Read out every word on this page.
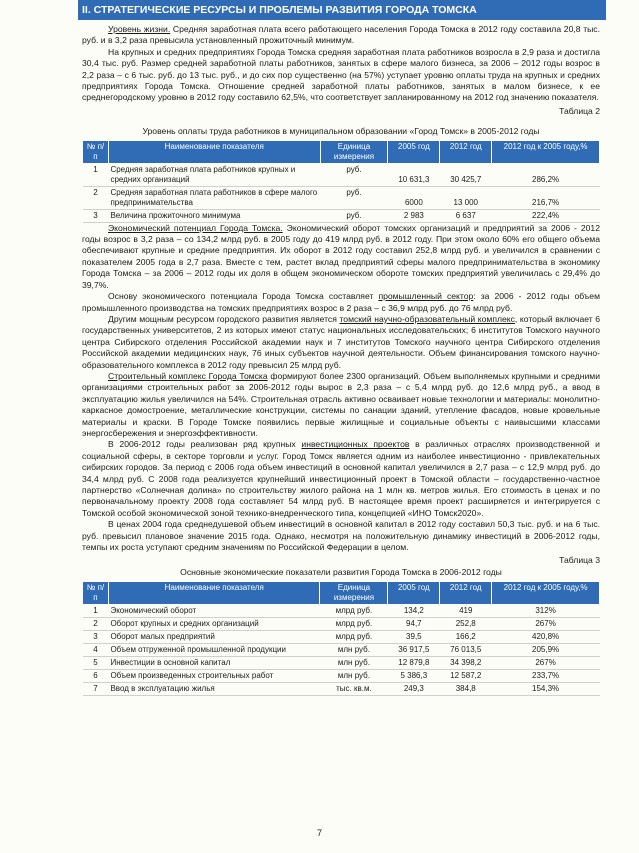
II. СТРАТЕГИЧЕСКИЕ РЕСУРСЫ И ПРОБЛЕМЫ РАЗВИТИЯ ГОРОДА ТОМСКА

Уровень жизни. Средняя заработная плата всего работающего населения Города Томска в 2012 году составила 20,8 тыс. руб. и в 3,2 раза превысила установленный прожиточный минимум.

На крупных и средних предприятиях Города Томска средняя заработная плата работников возросла в 2,9 раза и достигла 30,4 тыс. руб. Размер средней заработной платы работников, занятых в сфере малого бизнеса, за 2006 – 2012 годы возрос в 2,2 раза – с 6 тыс. руб. до 13 тыс. руб., и до сих пор существенно (на 57%) уступает уровню оплаты труда на крупных и средних предприятиях Города Томска. Отношение средней заработной платы работников, занятых в малом бизнесе, к ее среднегородскому уровню в 2012 году составило 62,5%, что соответствует запланированному на 2012 год значению показателя.

Таблица 2

Уровень оплаты труда работников в муниципальном образовании «Город Томск» в 2005-2012 годы

№ п/п	Наименование показателя	Единица измерения	2005 год	2012 год	2012 год к 2005 году,%
1	Средняя заработная плата работников крупных и средних организаций	руб.	10 631,3	30 425,7	286,2%
2	Средняя заработная плата работников в сфере малого предпринимательства	руб.	6000	13 000	216,7%
3	Величина прожиточного минимума	руб.	2 983	6 637	222,4%

Экономический потенциал Города Томска. Экономический оборот томских организаций и предприятий за 2006 - 2012 годы возрос в 3,2 раза – со 134,2 млрд руб. в 2005 году до 419 млрд руб. в 2012 году. При этом около 60% его общего объема обеспечивают крупные и средние предприятия. Их оборот в 2012 году составил 252,8 млрд руб. и увеличился в сравнении с показателем 2005 года в 2,7 раза. Вместе с тем, растет вклад предприятий сферы малого предпринимательства в экономику Города Томска – за 2006 – 2012 годы их доля в общем экономическом обороте томских предприятий увеличилась с 29,4% до 39,7%.

Основу экономического потенциала Города Томска составляет промышленный сектор: за 2006 - 2012 годы объем промышленного производства на томских предприятиях возрос в 2 раза – с 36,9 млрд руб. до 76 млрд руб.

Другим мощным ресурсом городского развития является томский научно-образовательный комплекс, который включает 6 государственных университетов, 2 из которых имеют статус национальных исследовательских; 6 институтов Томского научного центра Сибирского отделения Российской академии наук и 7 институтов Томского научного центра Сибирского отделения Российской академии медицинских наук, 76 иных субъектов научной деятельности. Объем финансирования томского научно-образовательного комплекса в 2012 году превысил 25 млрд руб.

Строительный комплекс Города Томска формируют более 2300 организаций. Объем выполняемых крупными и средними организациями строительных работ за 2006-2012 годы вырос в 2,3 раза – с 5,4 млрд руб. до 12,6 млрд руб., а ввод в эксплуатацию жилья увеличился на 54%. Строительная отрасль активно осваивает новые технологии и материалы: монолитно-каркасное домостроение, металлические конструкции, системы по санации зданий, утепление фасадов, новые кровельные материалы и краски. В Городе Томске появились первые жилищные и социальные объекты с наивысшими классами энергосбережения и энергоэффективности.

В 2006-2012 годы реализован ряд крупных инвестиционных проектов в различных отраслях производственной и социальной сферы, в секторе торговли и услуг. Город Томск является одним из наиболее инвестиционно - привлекательных сибирских городов. За период с 2006 года объем инвестиций в основной капитал увеличился в 2,7 раза – с 12,9 млрд руб. до 34,4 млрд руб. С 2008 года реализуется крупнейший инвестиционный проект в Томской области – государственно-частное партнерство «Солнечная долина» по строительству жилого района на 1 млн кв. метров жилья. Его стоимость в ценах и по первоначальному проекту 2008 года составляет 54 млрд руб. В настоящее время проект расширяется и интегрируется с Томской особой экономической зоной технико-внедренческого типа, концепцией «ИНО Томск2020».

В ценах 2004 года среднедушевой объем инвестиций в основной капитал в 2012 году составил 50,3 тыс. руб. и на 6 тыс. руб. превысил плановое значение 2015 года. Однако, несмотря на положительную динамику инвестиций в 2006-2012 годы, темпы их роста уступают средним значениям по Российской Федерации в целом.

Таблица 3

Основные экономические показатели развития Города Томска в 2006-2012 годы

№ п/п	Наименование показателя	Единица измерения	2005 год	2012 год	2012 год к 2005 году,%
1	Экономический оборот	млрд руб.	134,2	419	312%
2	Оборот крупных и средних организаций	млрд руб.	94,7	252,8	267%
3	Оборот малых предприятий	млрд руб.	39,5	166,2	420,8%
4	Объем отгруженной промышленной продукции	млн руб.	36 917,5	76 013,5	205,9%
5	Инвестиции в основной капитал	млн руб.	12 879,8	34 398,2	267%
6	Объем произведенных строительных работ	млн руб.	5 386,3	12 587,2	233,7%
7	Ввод в эксплуатацию жилья	тыс. кв.м.	249,3	384,8	154,3%
7
